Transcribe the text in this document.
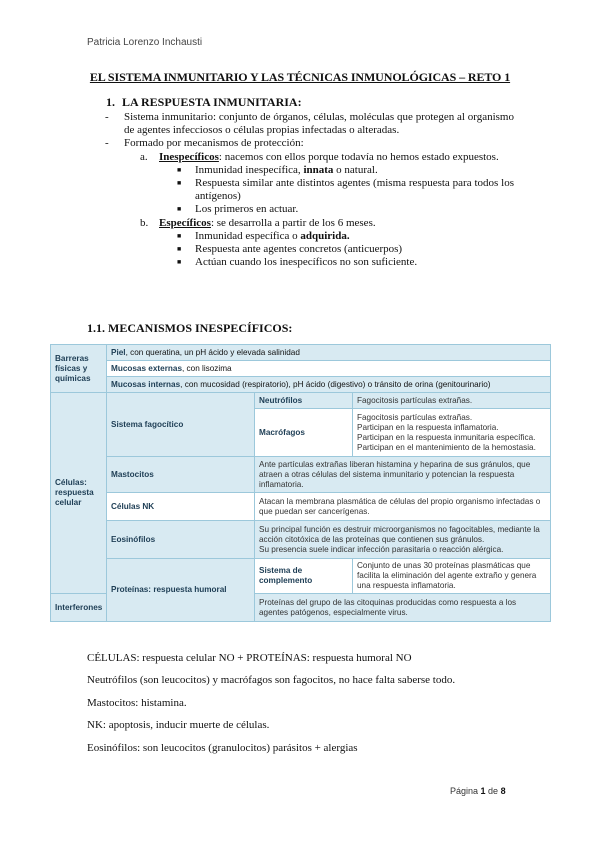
Patricia Lorenzo Inchausti
EL SISTEMA INMUNITARIO Y LAS TÉCNICAS INMUNOLÓGICAS – RETO 1
1. LA RESPUESTA INMUNITARIA:
- Sistema inmunitario: conjunto de órganos, células, moléculas que protegen al organismo de agentes infecciosos o células propias infectadas o alteradas.
- Formado por mecanismos de protección:
a. Inespecíficos: nacemos con ellos porque todavía no hemos estado expuestos.
■ Inmunidad inespecífica, innata o natural.
■ Respuesta similar ante distintos agentes (misma respuesta para todos los antígenos)
■ Los primeros en actuar.
b. Específicos: se desarrolla a partir de los 6 meses.
■ Inmunidad específica o adquirida.
■ Respuesta ante agentes concretos (anticuerpos)
■ Actúan cuando los inespecíficos no son suficiente.
1.1. MECANISMOS INESPECÍFICOS:
Barreras físicas y químicas	Piel, con queratina, un pH ácido y elevada salinidad		
	Mucosas externas, con lisozima		
	Mucosas internas, con mucosidad (respiratorio), pH ácido (digestivo) o tránsito de orina (genitourinario)		
Células: respuesta celular	Sistema fagocítico	Neutrófilos	Fagocitosis partículas extrañas.
		Macrófagos	Fagocitosis partículas extrañas.
Participan en la respuesta inflamatoria.
Participan en la respuesta inmunitaria específica.
Participan en el mantenimiento de la hemostasia.

	Mastocitos	Ante partículas extrañas liberan histamina y heparina de sus gránulos, que atraen a otras células del sistema inmunitario y potencian la respuesta inflamatoria.	
	Células NK	Atacan la membrana plasmática de células del propio organismo infectadas o que puedan ser cancerígenas.	
	Eosinófilos	Su principal función es destruir microorganismos no fagocitables, mediante la acción citotóxica de las proteínas que contienen sus gránulos.
Su presencia suele indicar infección parasitaria o reacción alérgica.	

	Proteínas: respuesta humoral	Sistema de complemento	Conjunto de unas 30 proteínas plasmáticas que facilita la eliminación del agente extraño y genera una respuesta inflamatoria.
Interferones		Proteínas del grupo de las citoquinas producidas como respuesta a los agentes patógenos, especialmente virus.	

CÉLULAS: respuesta celular NO + PROTEÍNAS: respuesta humoral NO

Neutrófilos (son leucocitos) y macrófagos son fagocitos, no hace falta saberse todo.

Mastocitos: histamina.

NK: apoptosis, inducir muerte de células.

Eosinófilos: son leucocitos (granulocitos) parásitos + alergias

Página 1 de 8
